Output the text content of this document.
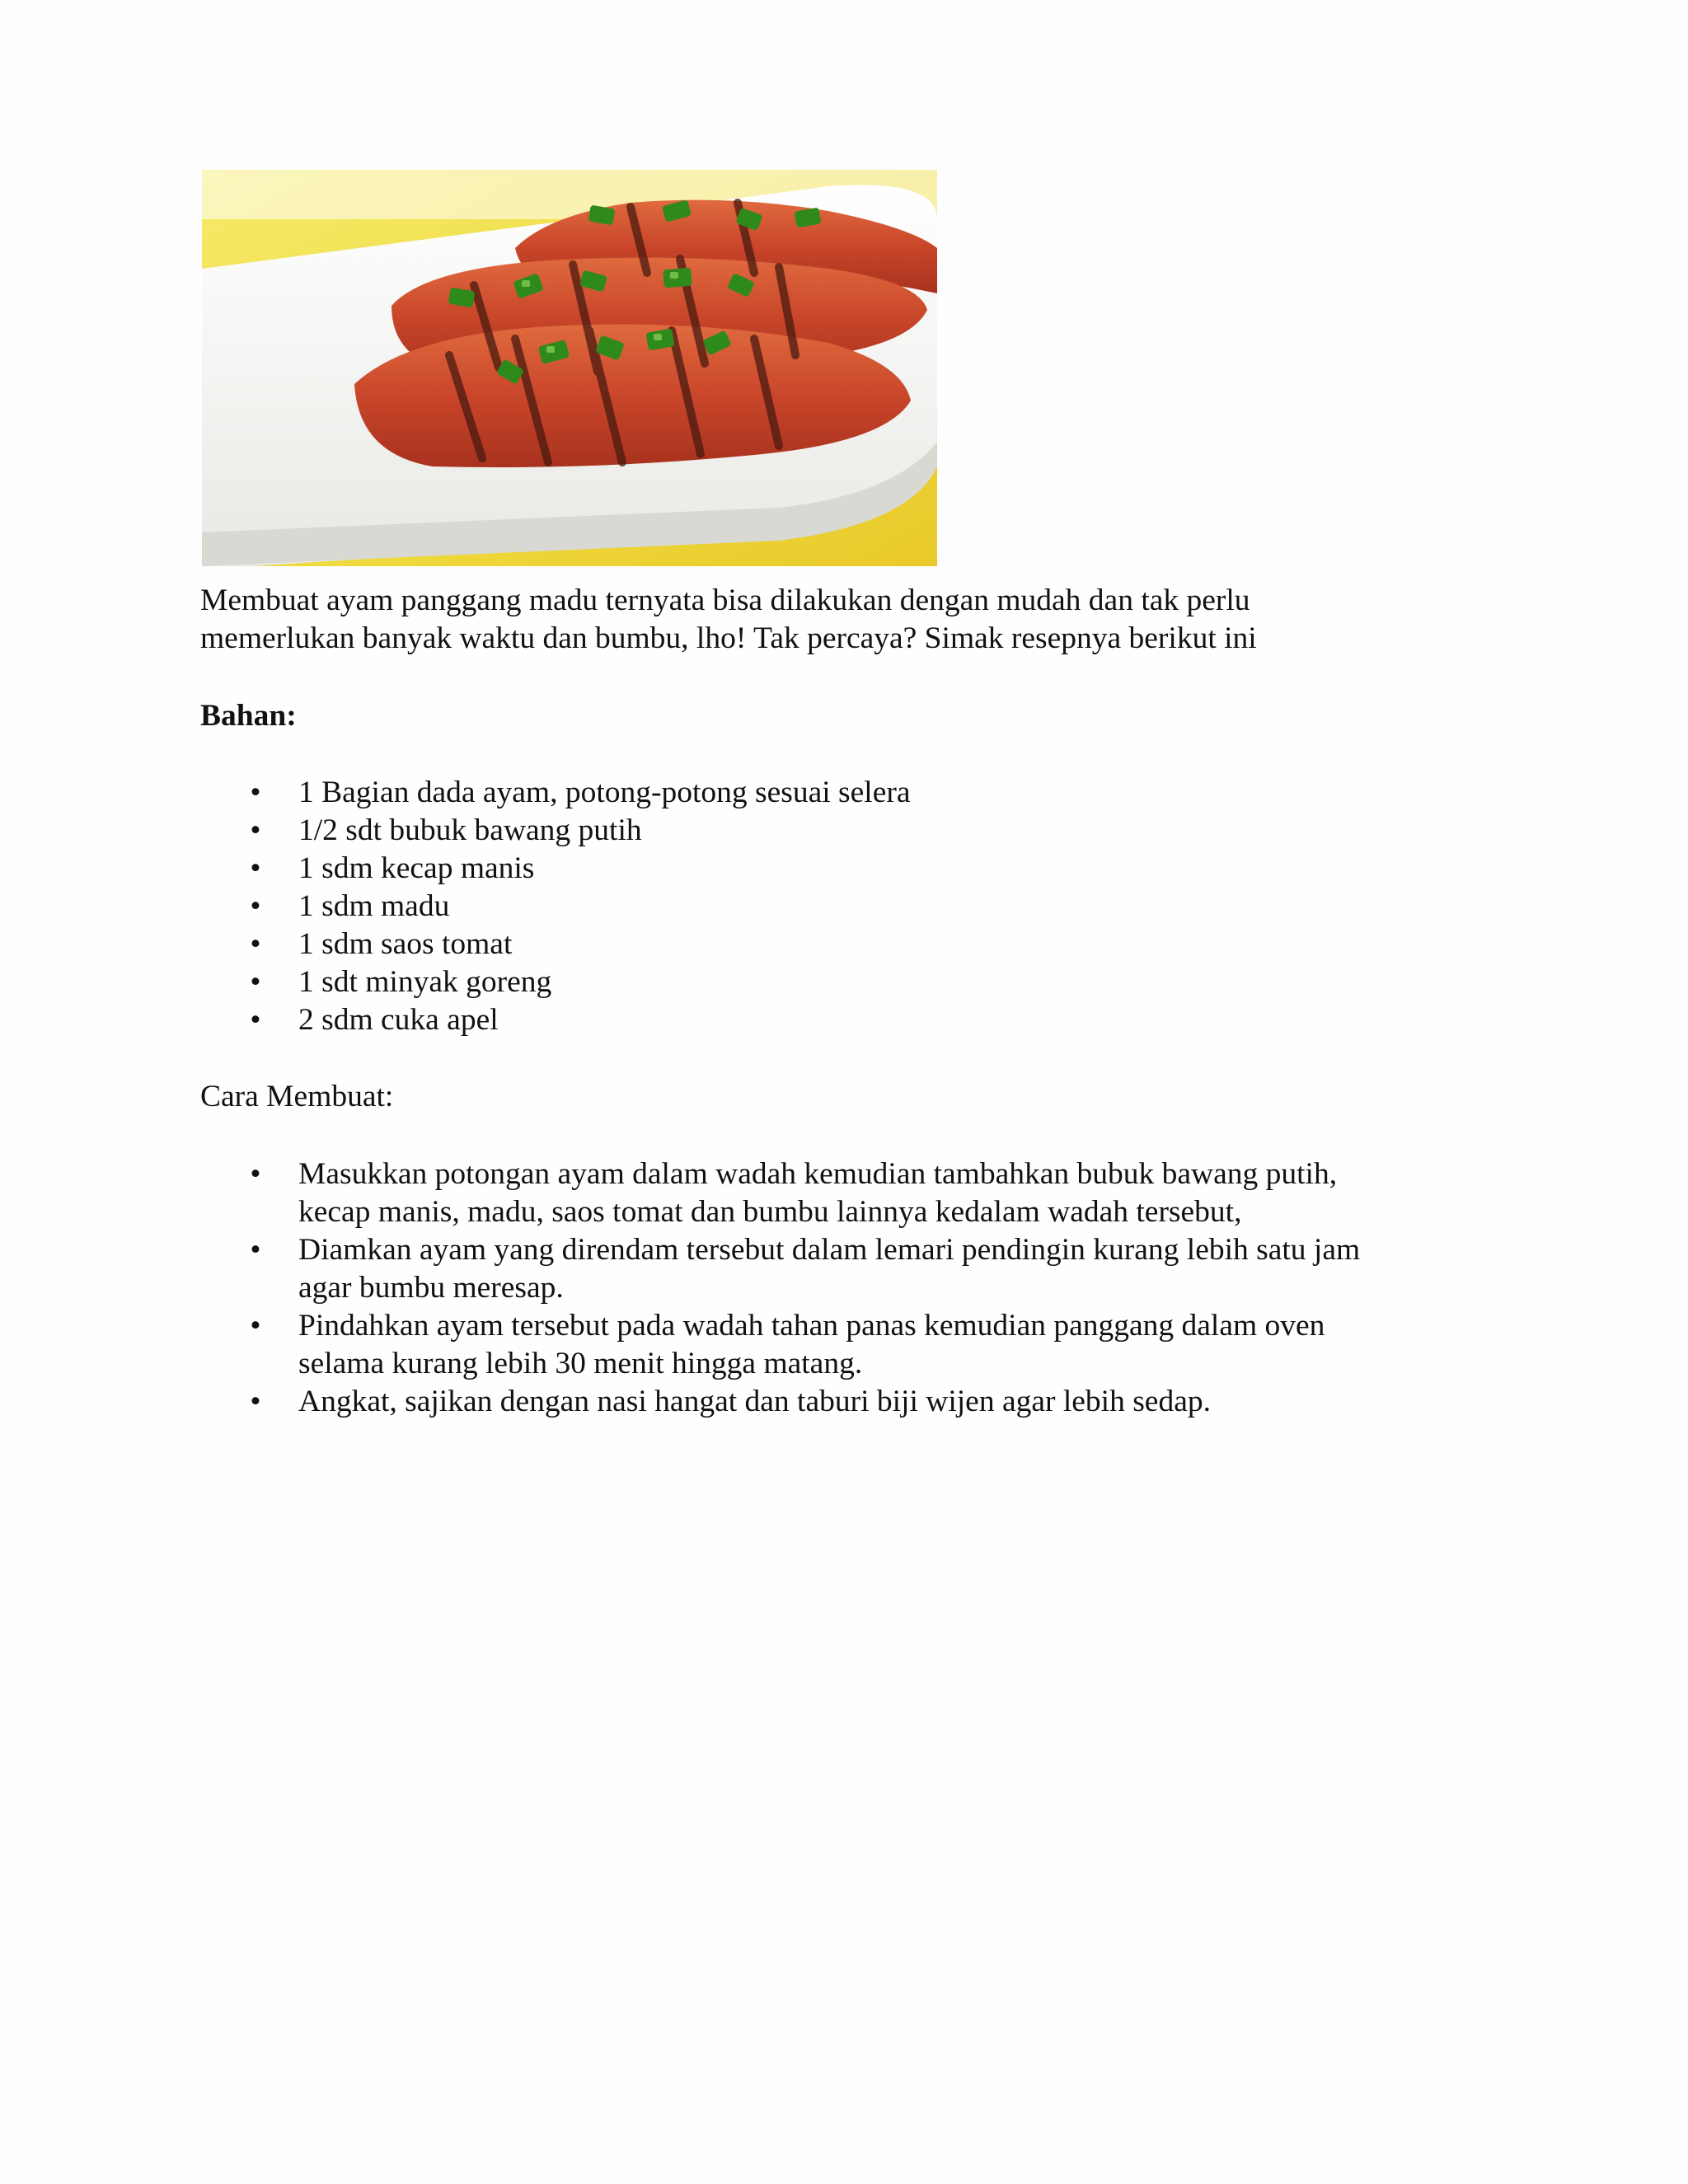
Membuat ayam panggang madu ternyata bisa dilakukan dengan mudah dan tak perlu
memerlukan banyak waktu dan bumbu, lho! Tak percaya? Simak resepnya berikut ini

Bahan:

• 1 Bagian dada ayam, potong-potong sesuai selera
• 1/2 sdt bubuk bawang putih
• 1 sdm kecap manis
• 1 sdm madu
• 1 sdm saos tomat
• 1 sdt minyak goreng
• 2 sdm cuka apel

Cara Membuat:

• Masukkan potongan ayam dalam wadah kemudian tambahkan bubuk bawang putih,
kecap manis, madu, saos tomat dan bumbu lainnya kedalam wadah tersebut,
• Diamkan ayam yang direndam tersebut dalam lemari pendingin kurang lebih satu jam
agar bumbu meresap.
• Pindahkan ayam tersebut pada wadah tahan panas kemudian panggang dalam oven
selama kurang lebih 30 menit hingga matang.
• Angkat, sajikan dengan nasi hangat dan taburi biji wijen agar lebih sedap.
